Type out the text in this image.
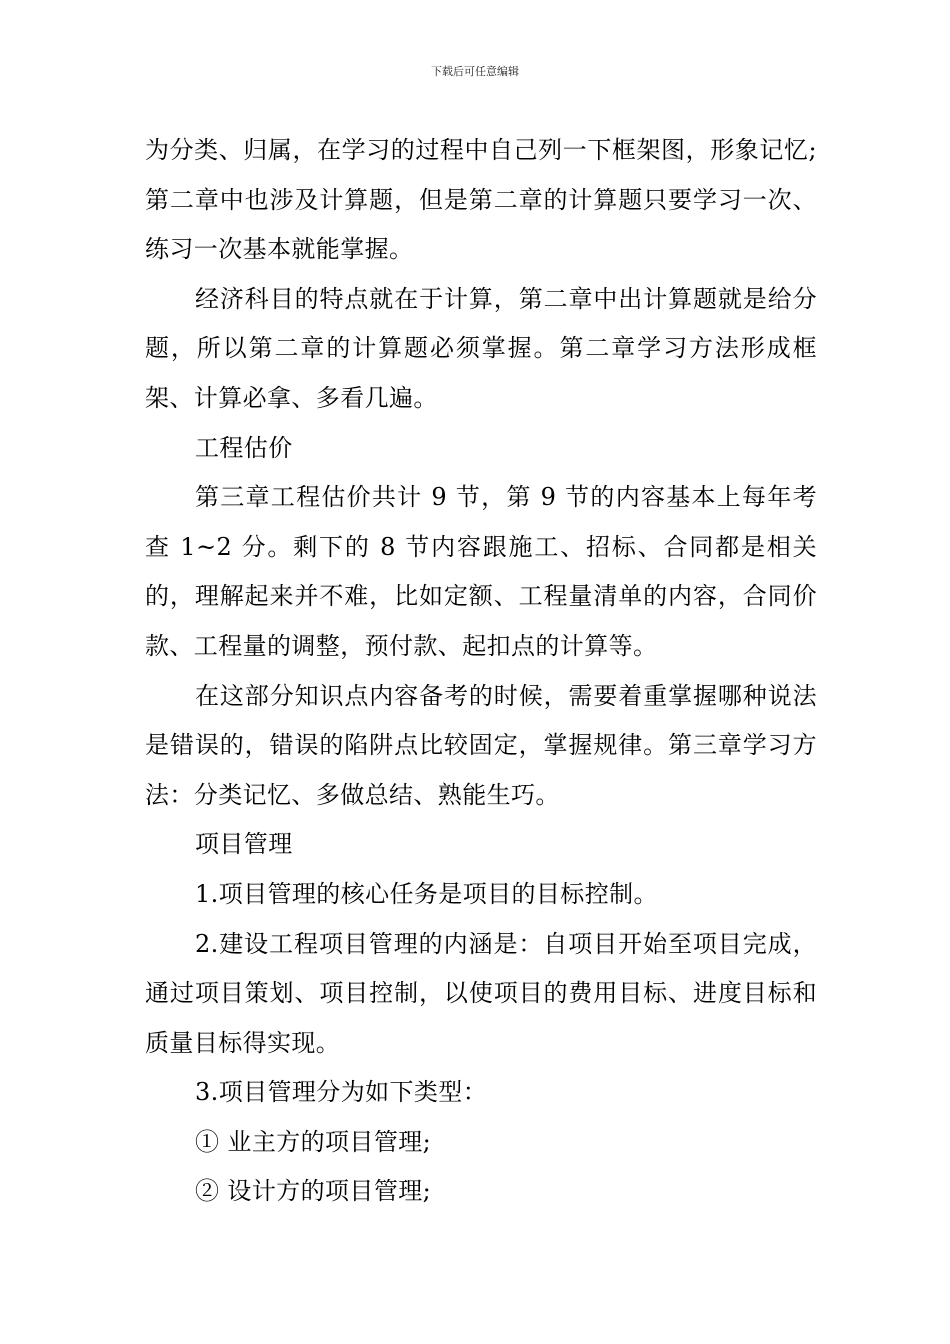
下载后可任意编辑

为分类、归属，在学习的过程中自己列一下框架图，形象记忆;第二章中也涉及计算题，但是第二章的计算题只要学习一次、练习一次基本就能掌握。

经济科目的特点就在于计算，第二章中出计算题就是给分题，所以第二章的计算题必须掌握。第二章学习方法形成框架、计算必拿、多看几遍。

工程估价

第三章工程估价共计 9 节，第 9 节的内容基本上每年考查 1~2 分。剩下的 8 节内容跟施工、招标、合同都是相关的，理解起来并不难，比如定额、工程量清单的内容，合同价款、工程量的调整，预付款、起扣点的计算等。

在这部分知识点内容备考的时候，需要着重掌握哪种说法是错误的，错误的陷阱点比较固定，掌握规律。第三章学习方法：分类记忆、多做总结、熟能生巧。

项目管理

1.项目管理的核心任务是项目的目标控制。

2.建设工程项目管理的内涵是：自项目开始至项目完成，通过项目策划、项目控制，以使项目的费用目标、进度目标和质量目标得实现。

3.项目管理分为如下类型：

① 业主方的项目管理;

② 设计方的项目管理;
